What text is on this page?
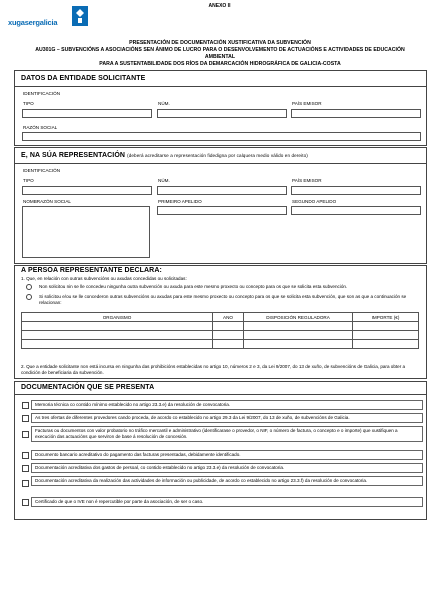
xugasergalicia
ANEXO II
PRESENTACIÓN DE DOCUMENTACIÓN XUSTIFICATIVA DA SUBVENCIÓN
AU301G – SUBVENCIÓNS A ASOCIACIÓNS SEN ÁNIMO DE LUCRO PARA O DESENVOLVEMENTO DE ACTUACIÓNS E ACTIVIDADES DE EDUCACIÓN AMBIENTAL
PARA A SUSTENTABILIDADE DOS RÍOS DA DEMARCACIÓN HIDROGRÁFICA DE GALICIA-COSTA
DATOS DA ENTIDADE SOLICITANTE
IDENTIFICACIÓN
TIPO	NÚM.	PAÍS EMISOR
RAZÓN SOCIAL
E, NA SÚA REPRESENTACIÓN (deberá acreditarse a representación fidedigna por calquera medio válido en dereito)
IDENTIFICACIÓN
TIPO	NÚM.	PAÍS EMISOR
NOMBRAZÓN SOCIAL	PRIMEIRO APELIDO	SEGUNDO APELIDO
A PERSOA REPRESENTANTE DECLARA:
1. Que, en relación con outras subvencións ou axudas concedidas ou solicitadas:
Non solicitou nin se lle concedeu ningunha outra subvención ou axuda para este mesmo proxecto ou concepto para os que se solicita esta subvención.
Si solicitou e/ou se lle concederon outras subvencións ou axudas para este mesmo proxecto ou concepto para os que se solicita esta subvención, que son as que a continuación se relacionan:
ORGANISMO	ANO	DISPOSICIÓN REGULADORA	IMPORTE (€)

2. Que a entidade solicitante non está incursa en ningunha das prohibicións establecidas no artigo 10, números 2 e 3, da Lei 9/2007, do 13 de xuño, de subvencións de Galicia, para obter a condición de beneficiaria da subvención.
DOCUMENTACIÓN QUE SE PRESENTA
Memoria técnica co contido mínimo establecido no artigo 23.3.e) da resolución de convocatoria.
As tres ofertas de diferentes provedores cando proceda, de acordo co establecido no artigo 29.3 da Lei 9/2007, do 13 de xuño, de subvencións de Galicia.
Facturas ou documentos con valor probatorio no tráfico mercantil e administrativo (identificarase o provedor, o NIF, o número de factura, o concepto e o importe) que xustifiquen a execución das actuacións que serviron de base á resolución de concesión.
Documento bancario acreditativo do pagamento das facturas presentadas, debidamente identificado.
Documentación acreditativa dos gastos de persoal, co contido establecido no artigo 23.3.e) da resolución de convocatoria.
Documentación acreditativa da realización das actividades de información ou publicidade, de acordo co establecido no artigo 23.3.f) da resolución de convocatoria.
Certificado de que o IVE non é repercutible por parte da asociación, de ser o caso.
